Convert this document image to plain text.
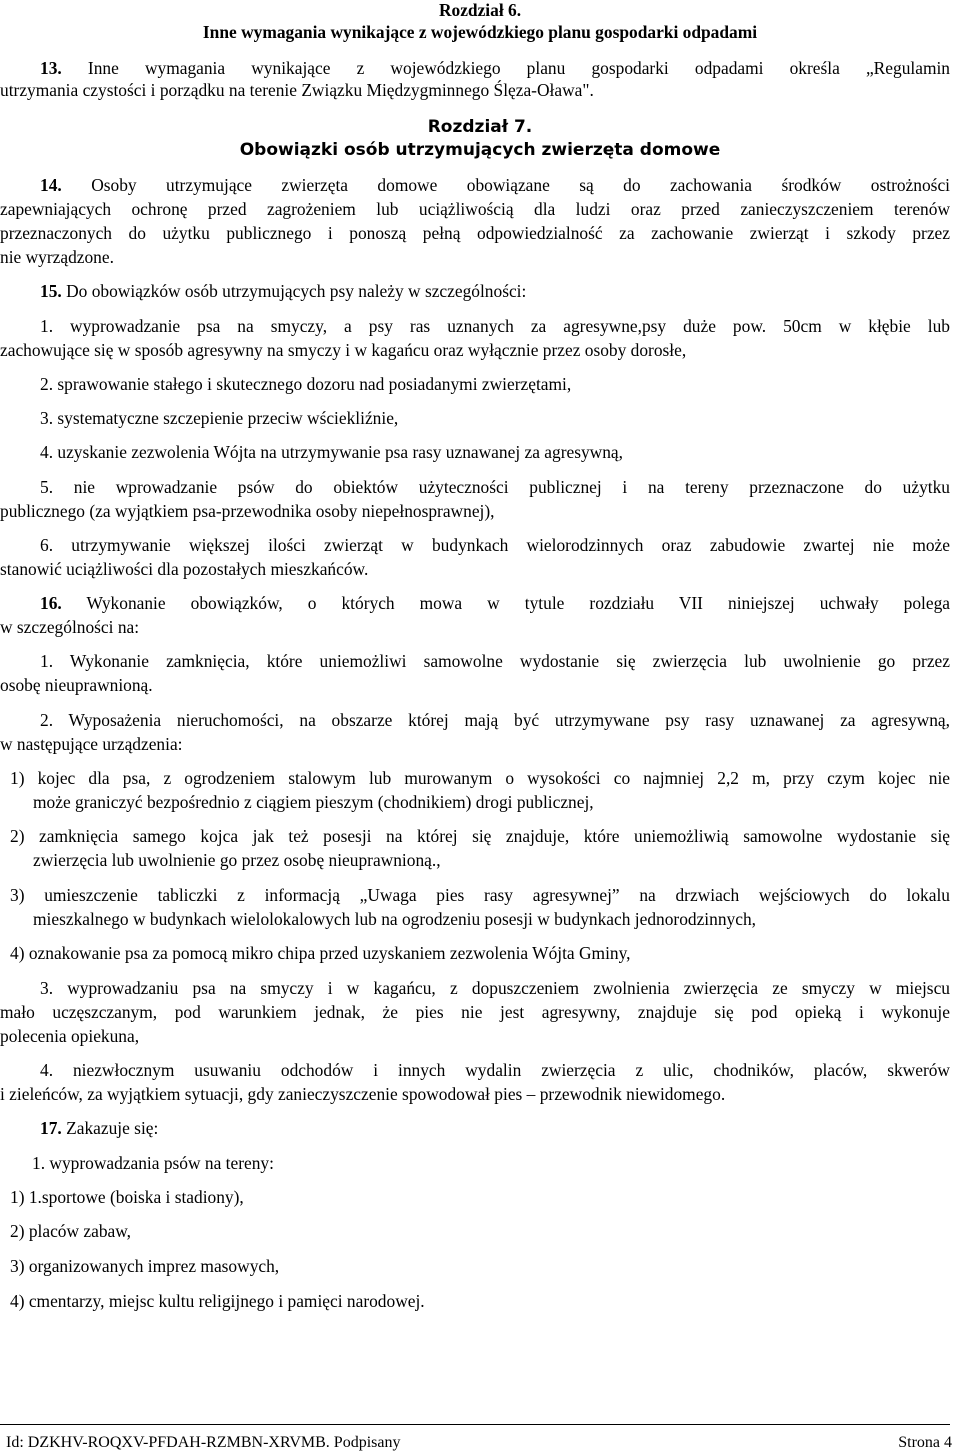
Rozdział 6.
Inne wymagania wynikające z wojewódzkiego planu gospodarki odpadami
13. Inne wymagania wynikające z wojewódzkiego planu gospodarki odpadami określa „Regulamin
utrzymania czystości i porządku na terenie Związku Międzygminnego Ślęza-Oława".
Rozdział 7.
Obowiązki osób utrzymujących zwierzęta domowe
14. Osoby utrzymujące zwierzęta domowe obowiązane są do zachowania środków ostrożności
zapewniających ochronę przed zagrożeniem lub uciążliwością dla ludzi oraz przed zanieczyszczeniem terenów
przeznaczonych do użytku publicznego i ponoszą pełną odpowiedzialność za zachowanie zwierząt i szkody przez
nie wyrządzone.
15. Do obowiązków osób utrzymujących psy należy w szczególności:
1. wyprowadzanie psa na smyczy, a psy ras uznanych za agresywne,psy duże pow. 50cm w kłębie lub
zachowujące się w sposób agresywny na smyczy i w kagańcu oraz wyłącznie przez osoby dorosłe,
2. sprawowanie stałego i skutecznego dozoru nad posiadanymi zwierzętami,
3. systematyczne szczepienie przeciw wściekliźnie,
4. uzyskanie zezwolenia Wójta na utrzymywanie psa rasy uznawanej za agresywną,
5. nie wprowadzanie psów do obiektów użyteczności publicznej i na tereny przeznaczone do użytku
publicznego (za wyjątkiem psa-przewodnika osoby niepełnosprawnej),
6. utrzymywanie większej ilości zwierząt w budynkach wielorodzinnych oraz zabudowie zwartej nie może
stanowić uciążliwości dla pozostałych mieszkańców.
16. Wykonanie obowiązków, o których mowa w tytule rozdziału VII niniejszej uchwały polega
w szczególności na:
1. Wykonanie zamknięcia, które uniemożliwi samowolne wydostanie się zwierzęcia lub uwolnienie go przez
osobę nieuprawnioną.
2. Wyposażenia nieruchomości, na obszarze której mają być utrzymywane psy rasy uznawanej za agresywną,
w następujące urządzenia:
1) kojec dla psa, z ogrodzeniem stalowym lub murowanym o wysokości co najmniej 2,2 m, przy czym kojec nie
może graniczyć bezpośrednio z ciągiem pieszym (chodnikiem) drogi publicznej,
2) zamknięcia samego kojca jak też posesji na której się znajduje, które uniemożliwią samowolne wydostanie się
zwierzęcia lub uwolnienie go przez osobę nieuprawnioną.,
3) umieszczenie tabliczki z informacją „Uwaga pies rasy agresywnej” na drzwiach wejściowych do lokalu
mieszkalnego w budynkach wielolokalowych lub na ogrodzeniu posesji w budynkach jednorodzinnych,
4) oznakowanie psa za pomocą mikro chipa przed uzyskaniem zezwolenia Wójta Gminy,
3. wyprowadzaniu psa na smyczy i w kagańcu, z dopuszczeniem zwolnienia zwierzęcia ze smyczy w miejscu
mało uczęszczanym, pod warunkiem jednak, że pies nie jest agresywny, znajduje się pod opieką i wykonuje
polecenia opiekuna,
4. niezwłocznym usuwaniu odchodów i innych wydalin zwierzęcia z ulic, chodników, placów, skwerów
i zieleńców, za wyjątkiem sytuacji, gdy zanieczyszczenie spowodował pies – przewodnik niewidomego.
17. Zakazuje się:
1. wyprowadzania psów na tereny:
1) 1.sportowe (boiska i stadiony),
2) placów zabaw,
3) organizowanych imprez masowych,
4) cmentarzy, miejsc kultu religijnego i pamięci narodowej.
Id: DZKHV-ROQXV-PFDAH-RZMBN-XRVMB. Podpisany	Strona 4
